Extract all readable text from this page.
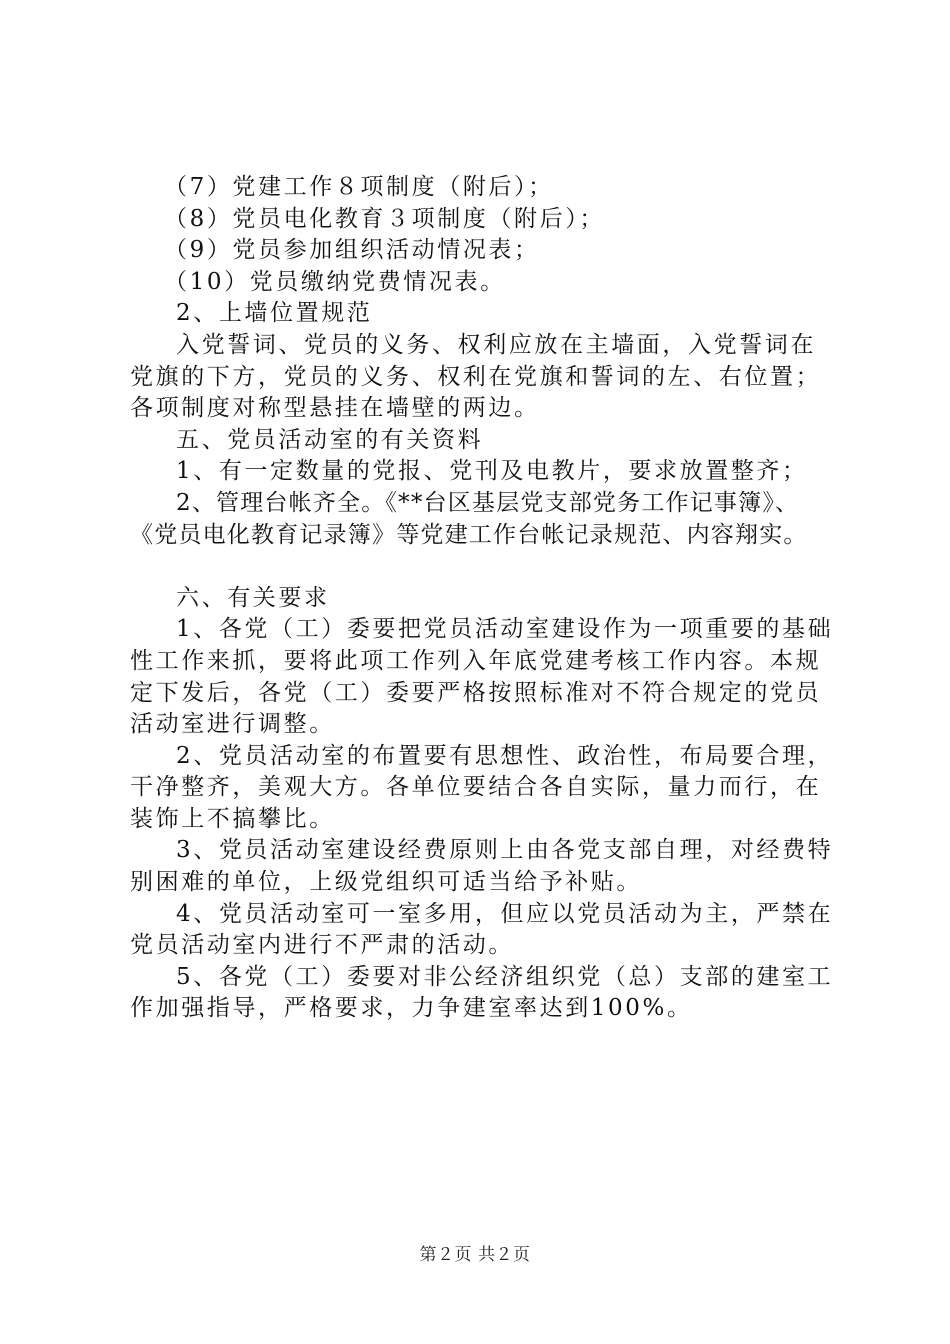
（7）党建工作８项制度（附后）；
（8）党员电化教育３项制度（附后）；
（9）党员参加组织活动情况表；
（10）党员缴纳党费情况表。
2、上墙位置规范
入党誓词、党员的义务、权利应放在主墙面，入党誓词在
党旗的下方，党员的义务、权利在党旗和誓词的左、右位置；
各项制度对称型悬挂在墙壁的两边。
五、党员活动室的有关资料
1、有一定数量的党报、党刊及电教片，要求放置整齐；
2、管理台帐齐全。《**台区基层党支部党务工作记事簿》、
《党员电化教育记录簿》等党建工作台帐记录规范、内容翔实。
六、有关要求
1、各党（工）委要把党员活动室建设作为一项重要的基础
性工作来抓，要将此项工作列入年底党建考核工作内容。本规
定下发后，各党（工）委要严格按照标准对不符合规定的党员
活动室进行调整。
2、党员活动室的布置要有思想性、政治性，布局要合理，
干净整齐，美观大方。各单位要结合各自实际，量力而行，在
装饰上不搞攀比。
3、党员活动室建设经费原则上由各党支部自理，对经费特
别困难的单位，上级党组织可适当给予补贴。
4、党员活动室可一室多用，但应以党员活动为主，严禁在
党员活动室内进行不严肃的活动。
5、各党（工）委要对非公经济组织党（总）支部的建室工
作加强指导，严格要求，力争建室率达到100%。
第２页 共２页
